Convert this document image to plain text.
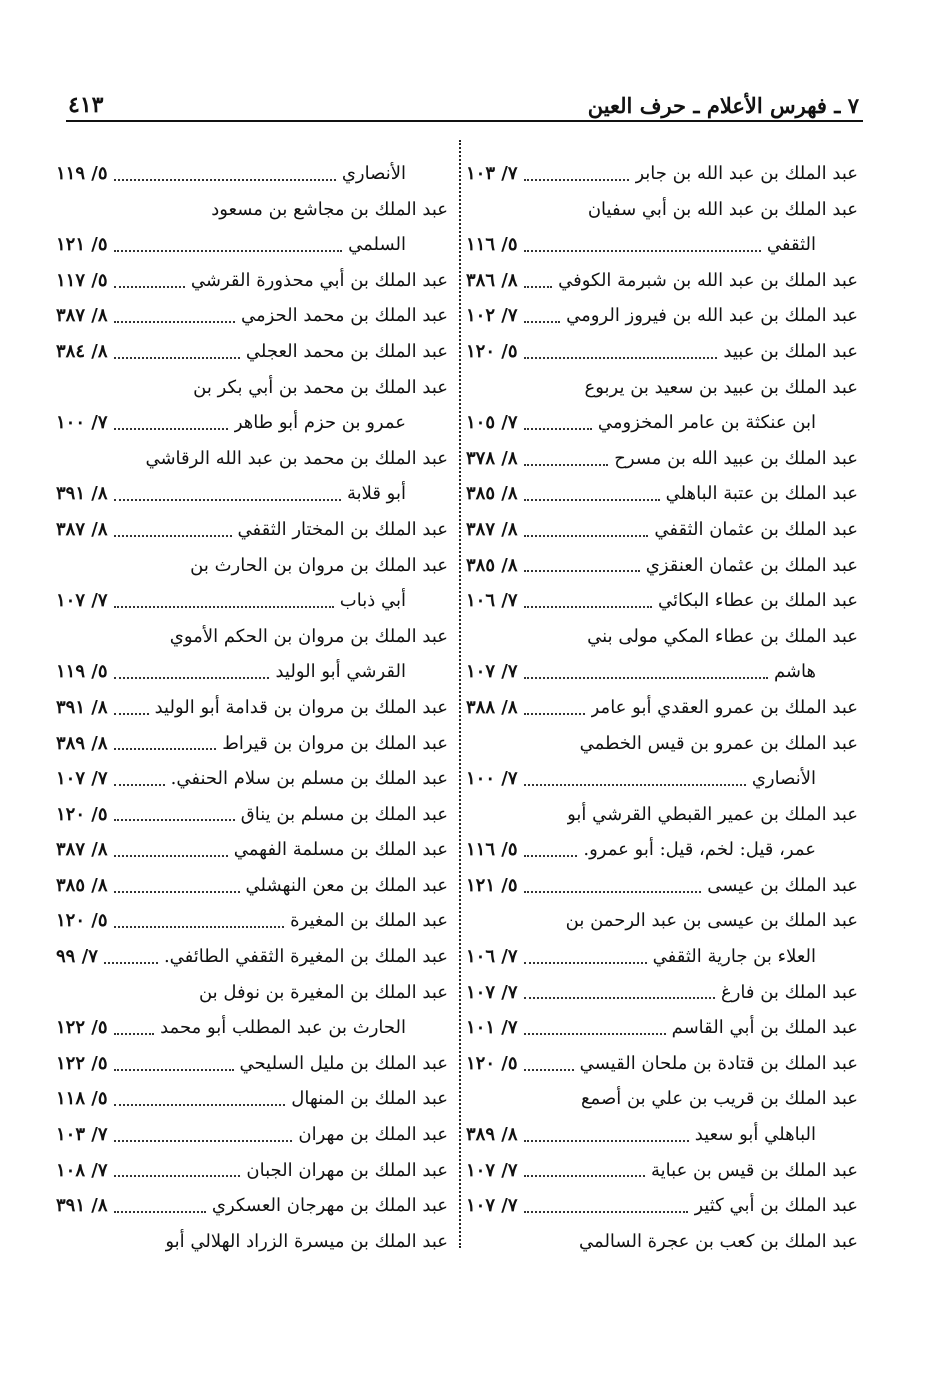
٤١٣	٧ ـ فهرس الأعلام ـ حرف العين
عبد الملك بن عبد الله بن جابر
٧/ ١٠٣
عبد الملك بن عبد الله بن أبي سفيان
الثقفي
٥/ ١١٦
عبد الملك بن عبد الله بن شبرمة الكوفي
٨/ ٣٨٦
عبد الملك بن عبد الله بن فيروز الرومي
٧/ ١٠٢
عبد الملك بن عبيد
٥/ ١٢٠
عبد الملك بن عبيد بن سعيد بن يربوع
ابن عنكثة بن عامر المخزومي
٧/ ١٠٥
عبد الملك بن عبيد الله بن مسرح
٨/ ٣٧٨
عبد الملك بن عتبة الباهلي
٨/ ٣٨٥
عبد الملك بن عثمان الثقفي
٨/ ٣٨٧
عبد الملك بن عثمان العنقزي
٨/ ٣٨٥
عبد الملك بن عطاء البكائي
٧/ ١٠٦
عبد الملك بن عطاء المكي مولى بني
هاشم
٧/ ١٠٧
عبد الملك بن عمرو العقدي أبو عامر
٨/ ٣٨٨
عبد الملك بن عمرو بن قيس الخطمي
الأنصاري
٧/ ١٠٠
عبد الملك بن عمير القبطي القرشي أبو
عمر، قيل: لخم، قيل: أبو عمرو.
٥/ ١١٦
عبد الملك بن عيسى
٥/ ١٢١
عبد الملك بن عيسى بن عبد الرحمن بن
العلاء بن جارية الثقفي
٧/ ١٠٦
عبد الملك بن فارغ
٧/ ١٠٧
عبد الملك بن أبي القاسم
٧/ ١٠١
عبد الملك بن قتادة بن ملحان القيسي
٥/ ١٢٠
عبد الملك بن قريب بن علي بن أصمع
الباهلي أبو سعيد
٨/ ٣٨٩
عبد الملك بن قيس بن عباية
٧/ ١٠٧
عبد الملك بن أبي كثير
٧/ ١٠٧
عبد الملك بن كعب بن عجرة السالمي
الأنصاري
٥/ ١١٩
عبد الملك بن مجاشع بن مسعود
السلمي
٥/ ١٢١
عبد الملك بن أبي محذورة القرشي
٥/ ١١٧
عبد الملك بن محمد الحزمي
٨/ ٣٨٧
عبد الملك بن محمد العجلي
٨/ ٣٨٤
عبد الملك بن محمد بن أبي بكر بن
عمرو بن حزم أبو طاهر
٧/ ١٠٠
عبد الملك بن محمد بن عبد الله الرقاشي
أبو قلابة
٨/ ٣٩١
عبد الملك بن المختار الثقفي
٨/ ٣٨٧
عبد الملك بن مروان بن الحارث بن
أبي ذباب
٧/ ١٠٧
عبد الملك بن مروان بن الحكم الأموي
القرشي أبو الوليد
٥/ ١١٩
عبد الملك بن مروان بن قدامة أبو الوليد
٨/ ٣٩١
عبد الملك بن مروان بن قيراط
٨/ ٣٨٩
عبد الملك بن مسلم بن سلام الحنفي.
٧/ ١٠٧
عبد الملك بن مسلم بن يناق
٥/ ١٢٠
عبد الملك بن مسلمة الفهمي
٨/ ٣٨٧
عبد الملك بن معن النهشلي
٨/ ٣٨٥
عبد الملك بن المغيرة
٥/ ١٢٠
عبد الملك بن المغيرة الثقفي الطائفي.
٧/ ٩٩
عبد الملك بن المغيرة بن نوفل بن
الحارث بن عبد المطلب أبو محمد
٥/ ١٢٢
عبد الملك بن مليل السليحي
٥/ ١٢٢
عبد الملك بن المنهال
٥/ ١١٨
عبد الملك بن مهران
٧/ ١٠٣
عبد الملك بن مهران الجبان
٧/ ١٠٨
عبد الملك بن مهرجان العسكري
٨/ ٣٩١
عبد الملك بن ميسرة الزراد الهلالي أبو
